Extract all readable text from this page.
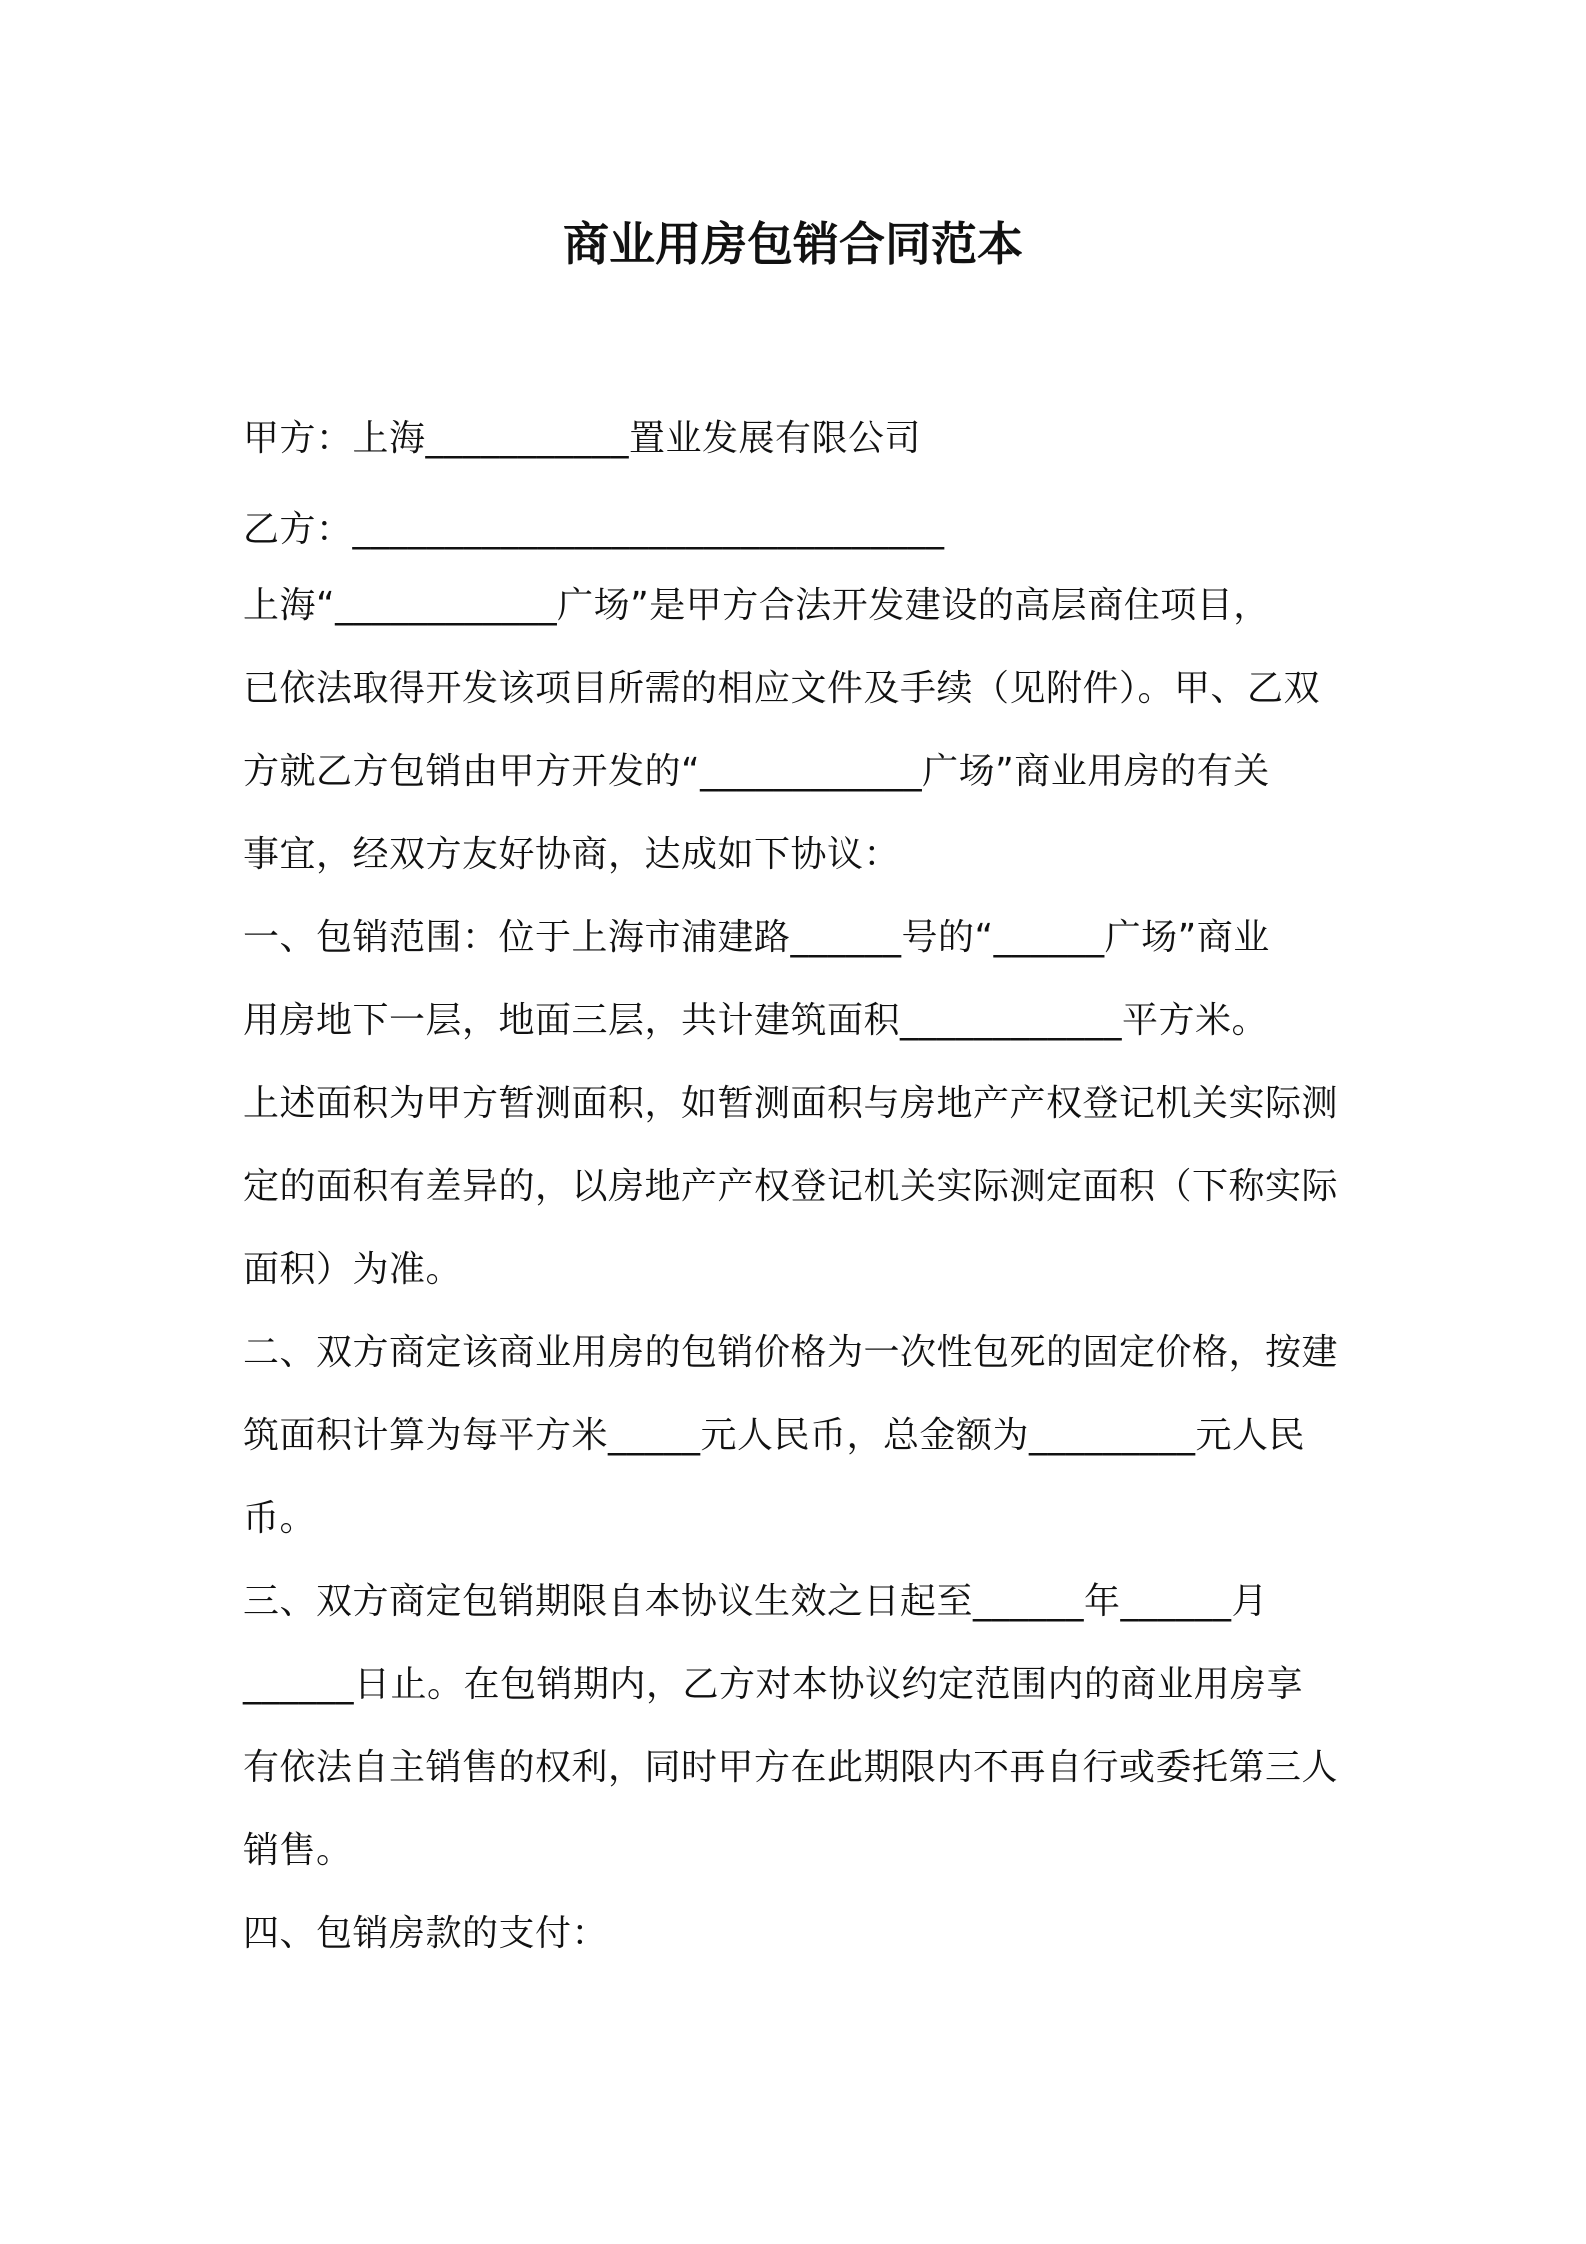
商业用房包销合同范本
甲方：上海___________置业发展有限公司
乙方：________________________________
上海“____________广场”是甲方合法开发建设的高层商住项目，
已依法取得开发该项目所需的相应文件及手续（见附件）。甲、乙双
方就乙方包销由甲方开发的“____________广场”商业用房的有关
事宜，经双方友好协商，达成如下协议：
一、包销范围：位于上海市浦建路______号的“______广场”商业
用房地下一层，地面三层，共计建筑面积____________平方米。
上述面积为甲方暂测面积，如暂测面积与房地产产权登记机关实际测
定的面积有差异的，以房地产产权登记机关实际测定面积（下称实际
面积）为准。
二、双方商定该商业用房的包销价格为一次性包死的固定价格，按建
筑面积计算为每平方米_____元人民币，总金额为_________元人民
币。
三、双方商定包销期限自本协议生效之日起至______年______月
______日止。在包销期内，乙方对本协议约定范围内的商业用房享
有依法自主销售的权利，同时甲方在此期限内不再自行或委托第三人
销售。
四、包销房款的支付：
